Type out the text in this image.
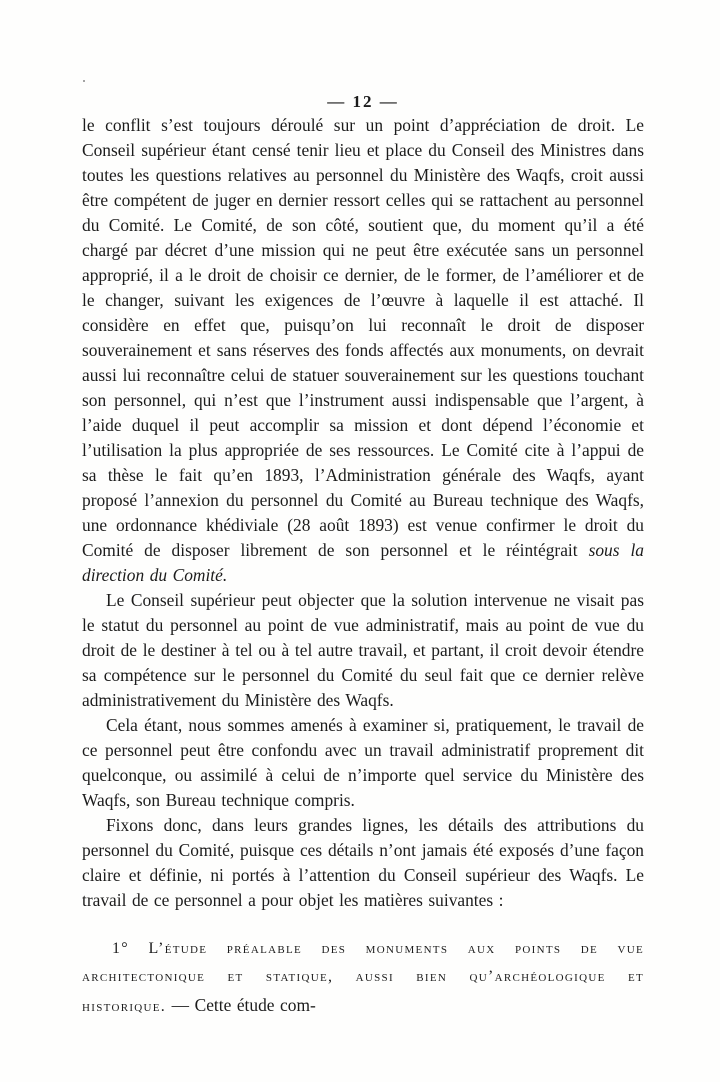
— 12 —

le conflit s’est toujours déroulé sur un point d’appréciation de droit. Le Conseil supérieur étant censé tenir lieu et place du Conseil des Ministres dans toutes les questions relatives au personnel du Ministère des Waqfs, croit aussi être compétent de juger en dernier ressort celles qui se rattachent au personnel du Comité. Le Comité, de son côté, soutient que, du moment qu’il a été chargé par décret d’une mission qui ne peut être exécutée sans un personnel approprié, il a le droit de choisir ce dernier, de le former, de l’améliorer et de le changer, suivant les exigences de l’œuvre à laquelle il est attaché. Il considère en effet que, puisqu’on lui reconnaît le droit de disposer souverainement et sans réserves des fonds affectés aux monuments, on devrait aussi lui reconnaître celui de statuer souverainement sur les questions touchant son personnel, qui n’est que l’instrument aussi indispensable que l’argent, à l’aide duquel il peut accomplir sa mission et dont dépend l’économie et l’utilisation la plus appropriée de ses ressources. Le Comité cite à l’appui de sa thèse le fait qu’en 1893, l’Administration générale des Waqfs, ayant proposé l’annexion du personnel du Comité au Bureau technique des Waqfs, une ordonnance khédiviale (28 août 1893) est venue confirmer le droit du Comité de disposer librement de son personnel et le réintégrait sous la direction du Comité.

Le Conseil supérieur peut objecter que la solution intervenue ne visait pas le statut du personnel au point de vue administratif, mais au point de vue du droit de le destiner à tel ou à tel autre travail, et partant, il croit devoir étendre sa compétence sur le personnel du Comité du seul fait que ce dernier relève administrativement du Ministère des Waqfs.

Cela étant, nous sommes amenés à examiner si, pratiquement, le travail de ce personnel peut être confondu avec un travail administratif proprement dit quelconque, ou assimilé à celui de n’importe quel service du Ministère des Waqfs, son Bureau technique compris.

Fixons donc, dans leurs grandes lignes, les détails des attributions du personnel du Comité, puisque ces détails n’ont jamais été exposés d’une façon claire et définie, ni portés à l’attention du Conseil supérieur des Waqfs. Le travail de ce personnel a pour objet les matières suivantes :

1° L’étude préalable des monuments aux points de vue architectonique et statique, aussi bien qu’archéologique et historique. — Cette étude com-
